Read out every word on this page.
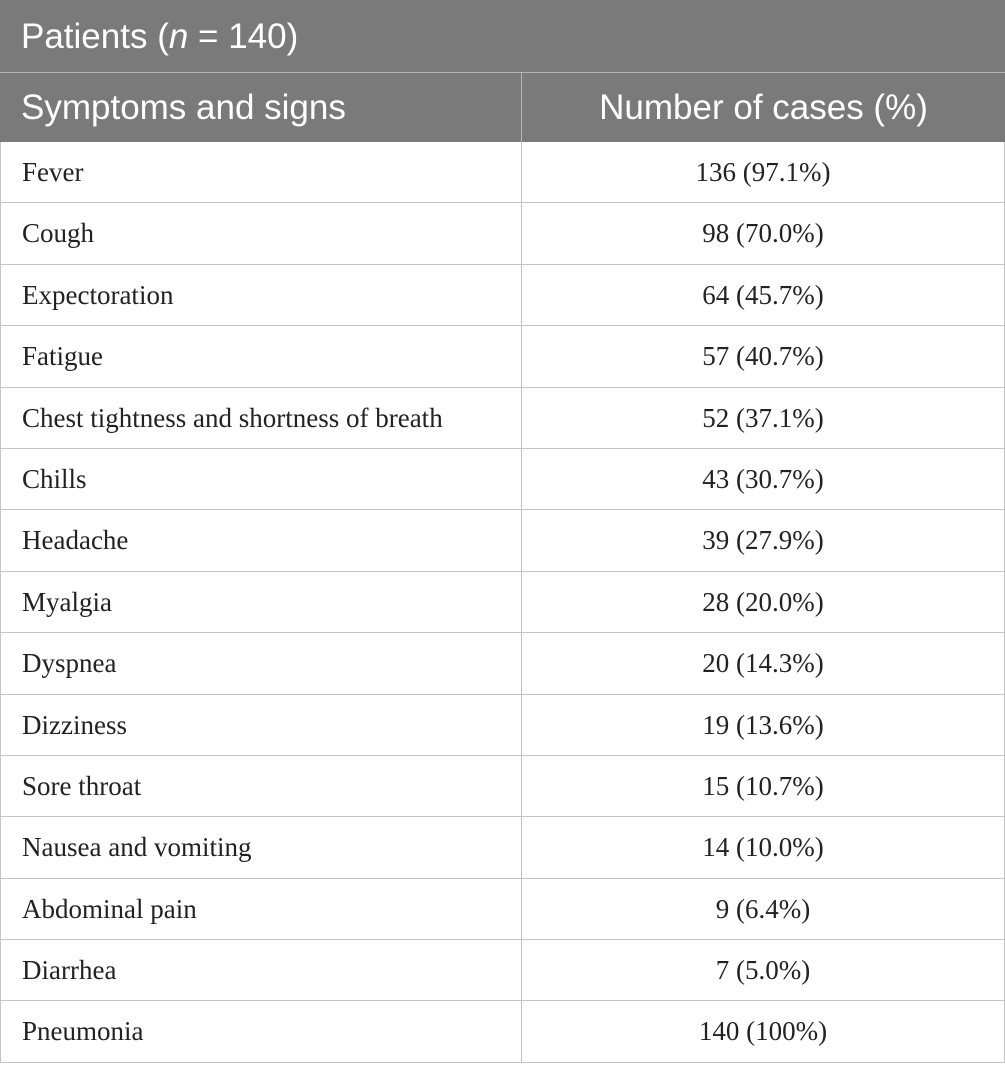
Patients (n = 140)
Symptoms and signs	Number of cases (%)
Fever	136 (97.1%)
Cough	98 (70.0%)
Expectoration	64 (45.7%)
Fatigue	57 (40.7%)
Chest tightness and shortness of breath	52 (37.1%)
Chills	43 (30.7%)
Headache	39 (27.9%)
Myalgia	28 (20.0%)
Dyspnea	20 (14.3%)
Dizziness	19 (13.6%)
Sore throat	15 (10.7%)
Nausea and vomiting	14 (10.0%)
Abdominal pain	9 (6.4%)
Diarrhea	7 (5.0%)
Pneumonia	140 (100%)
